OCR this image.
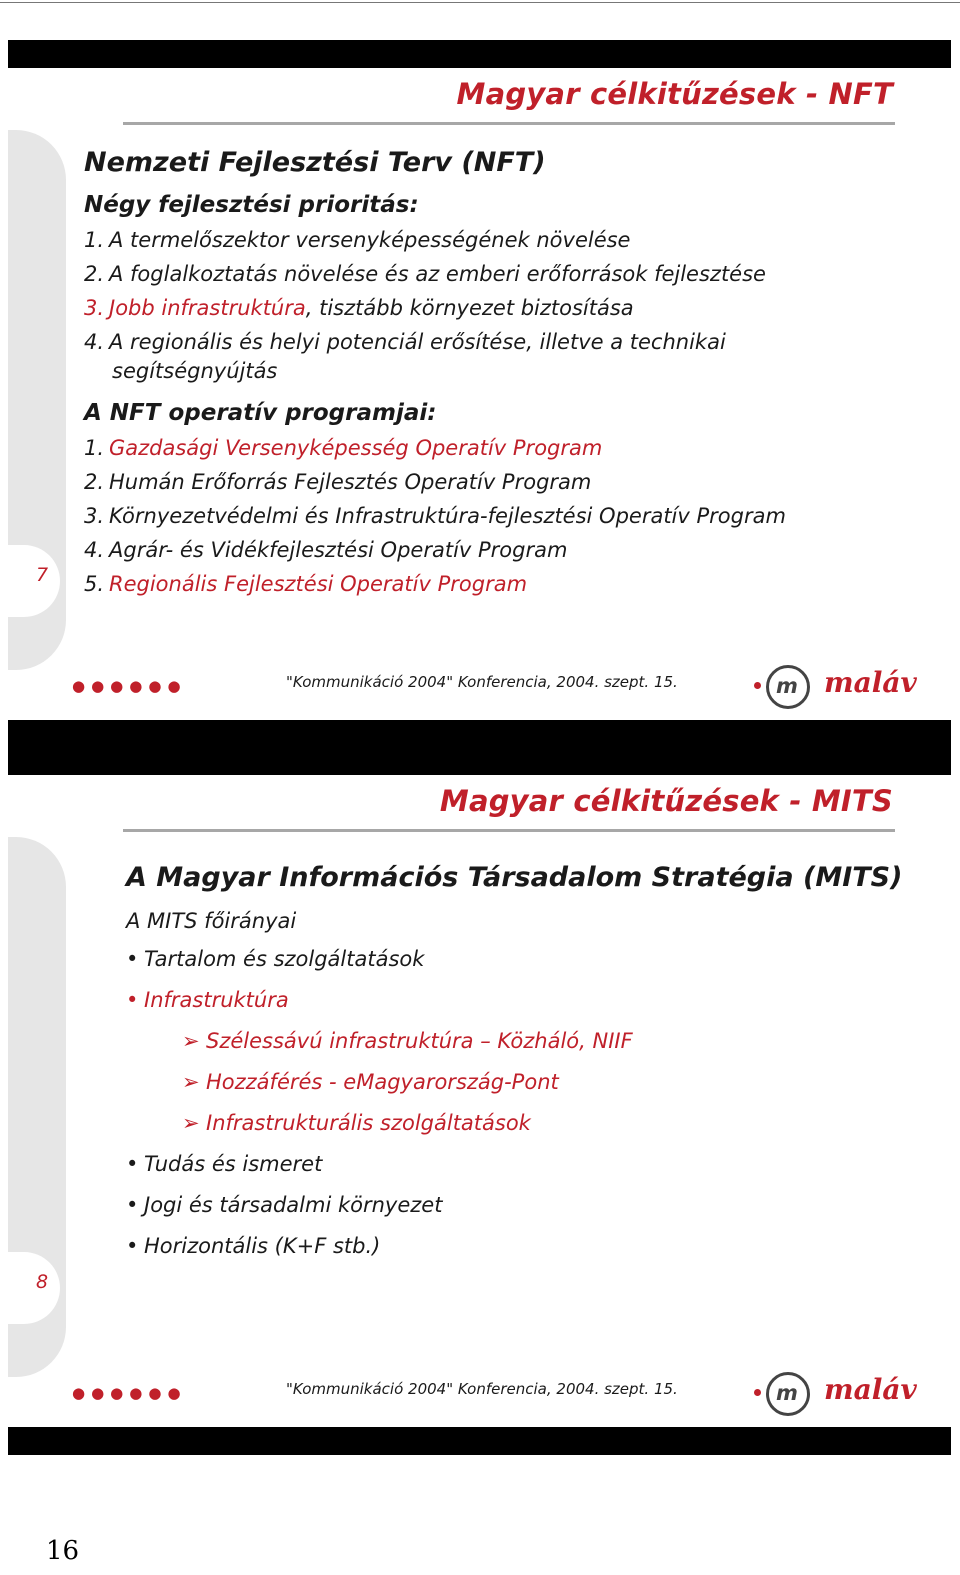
7
Magyar célkitűzések - NFT
Nemzeti Fejlesztési Terv (NFT)
Négy fejlesztési prioritás:
1. A termelőszektor versenyképességének növelése
2. A foglalkoztatás növelése és az emberi erőforrások fejlesztése
3. Jobb infrastruktúra, tisztább környezet biztosítása
4. A regionális és helyi potenciál erősítése, illetve a technikai
segítségnyújtás
A NFT operatív programjai:
1. Gazdasági Versenyképesség Operatív Program
2. Humán Erőforrás Fejlesztés Operatív Program
3. Környezetvédelmi és Infrastruktúra-fejlesztési Operatív Program
4. Agrár- és Vidékfejlesztési Operatív Program
5. Regionális Fejlesztési Operatív Program
●●●●●●	"Kommunikáció 2004" Konferencia, 2004. szept. 15.	m maláv
8
Magyar célkitűzések - MITS
A Magyar Információs Társadalom Stratégia (MITS)
A MITS főirányai
• Tartalom és szolgáltatások
• Infrastruktúra
➢ Szélessávú infrastruktúra – Közháló, NIIF
➢ Hozzáférés - eMagyarország-Pont
➢ Infrastrukturális szolgáltatások
• Tudás és ismeret
• Jogi és társadalmi környezet
• Horizontális (K+F stb.)
●●●●●●	"Kommunikáció 2004" Konferencia, 2004. szept. 15.	m maláv
16
